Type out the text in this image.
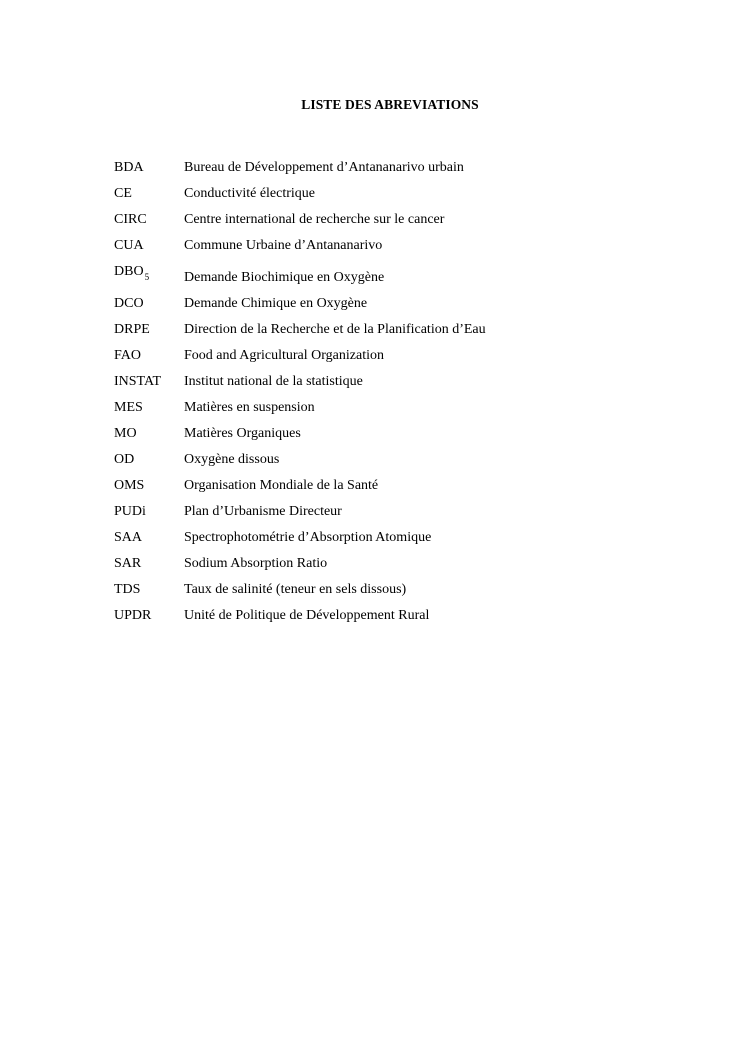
LISTE DES ABREVIATIONS
BDA	Bureau de Développement d’Antananarivo urbain
CE	Conductivité électrique
CIRC	Centre international de recherche sur le cancer
CUA	Commune Urbaine d’Antananarivo
$DBO_5$ Demande Biochimique en Oxygène
DCO	Demande Chimique en Oxygène
DRPE Direction de la Recherche et de la Planification d’Eau
FAO	Food and Agricultural Organization
INSTAT Institut national de la statistique
MES	Matières en suspension
MO	Matières Organiques
OD	Oxygène dissous
OMS	Organisation Mondiale de la Santé
PUDi	Plan d’Urbanisme Directeur
SAA	Spectrophotométrie d’Absorption Atomique
SAR	Sodium Absorption Ratio
TDS	Taux de salinité (teneur en sels dissous)
UPDR Unité de Politique de Développement Rural
